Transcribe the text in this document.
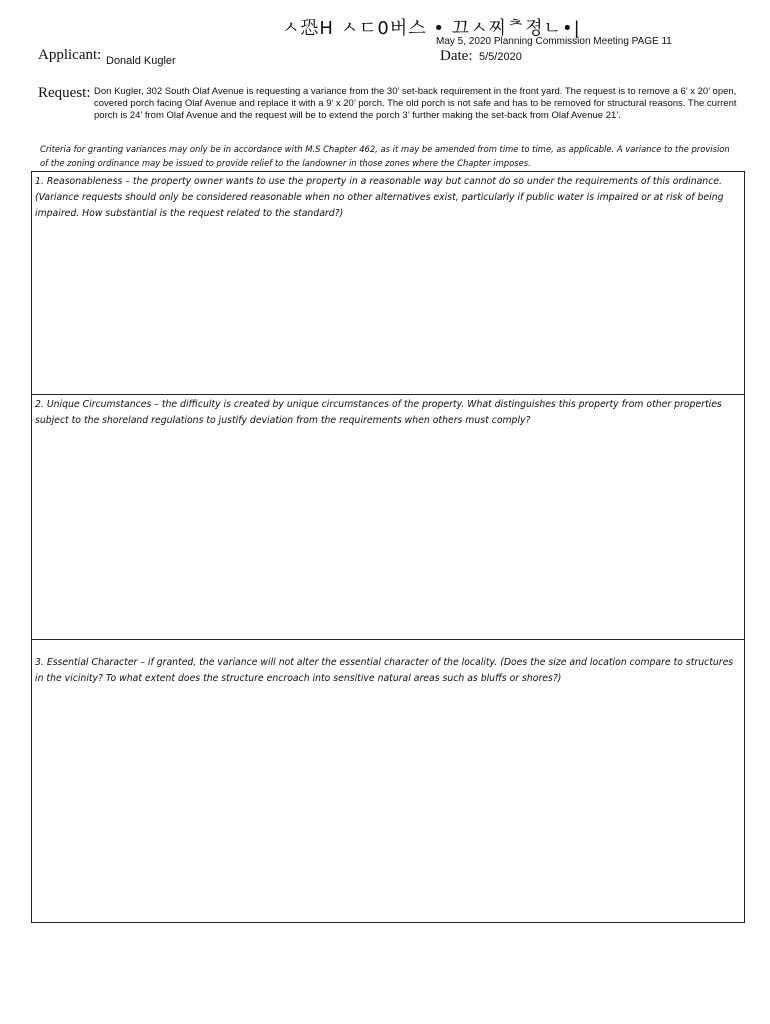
ㅅ恐H ㅅㄷ0버스 • 끄ㅅ찌ᄎ졍ㄴ•|
May 5, 2020 Planning Commission Meeting PAGE 11
Applicant: Donald Kugler	Date: 5/5/2020
Request: Don Kugler, 302 South Olaf Avenue is requesting a variance from the 30’ set-back requirement in the front yard. The request is to remove a 6’ x 20’ open, covered porch facing Olaf Avenue and replace it with a 9’ x 20’ porch. The old porch is not safe and has to be removed for structural reasons. The current porch is 24’ from Olaf Avenue and the request will be to extend the porch 3’ further making the set-back from Olaf Avenue 21’.
Criteria for granting variances may only be in accordance with M.S Chapter 462, as it may be amended from time to time, as applicable. A variance to the provision of the zoning ordinance may be issued to provide relief to the landowner in those zones where the Chapter imposes.
1. Reasonableness – the property owner wants to use the property in a reasonable way but cannot do so under the requirements of this ordinance. (Variance requests should only be considered reasonable when no other alternatives exist, particularly if public water is impaired or at risk of being impaired. How substantial is the request related to the standard?)
2. Unique Circumstances – the difficulty is created by unique circumstances of the property. What distinguishes this property from other properties subject to the shoreland regulations to justify deviation from the requirements when others must comply?
3. Essential Character – if granted, the variance will not alter the essential character of the locality. (Does the size and location compare to structures in the vicinity? To what extent does the structure encroach into sensitive natural areas such as bluffs or shores?)
